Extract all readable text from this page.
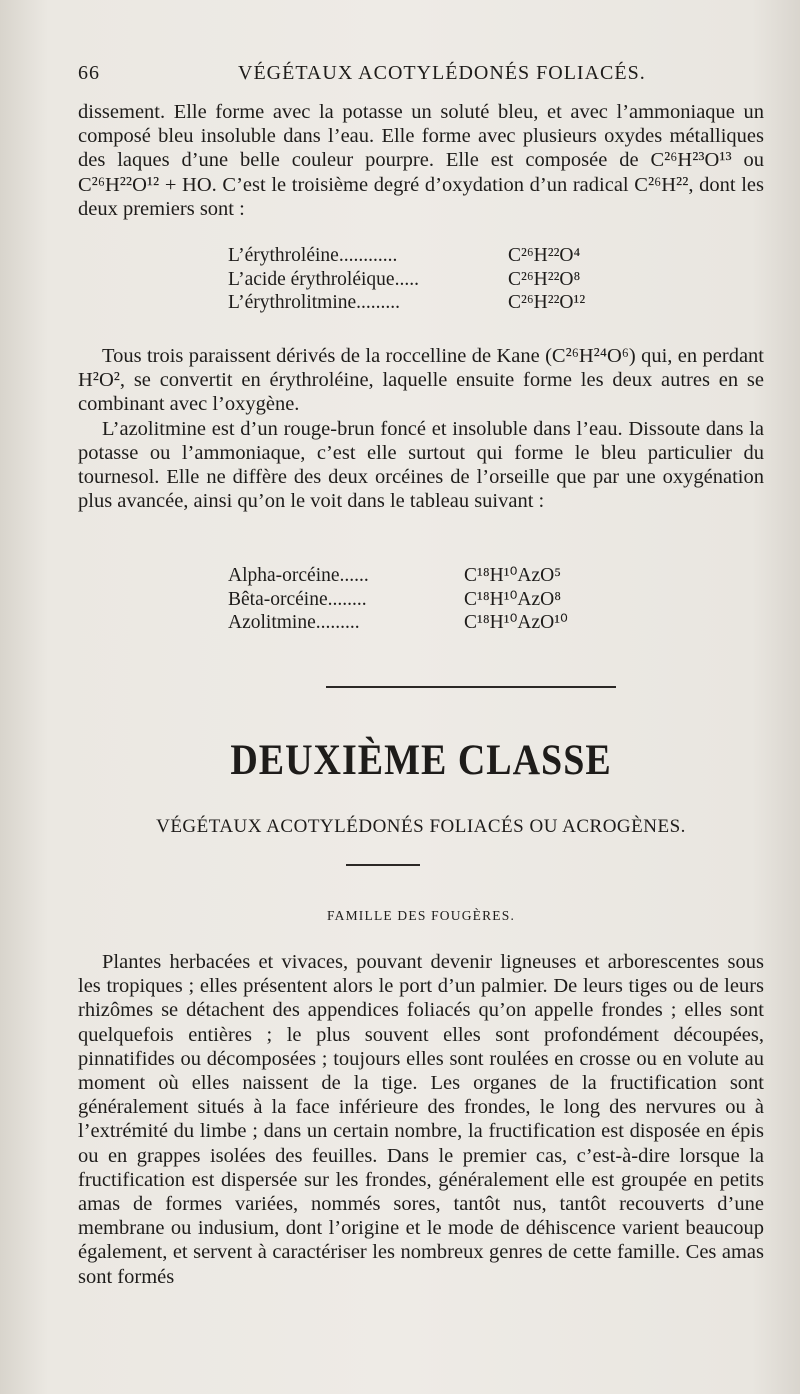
66	VÉGÉTAUX ACOTYLÉDONÉS FOLIACÉS.

dissement. Elle forme avec la potasse un soluté bleu, et avec l’ammoniaque un composé bleu insoluble dans l’eau. Elle forme avec plusieurs oxydes métalliques des laques d’une belle couleur pourpre. Elle est composée de C²⁶H²³O¹³ ou C²⁶H²²O¹² + HO. C’est le troisième degré d’oxydation d’un radical C²⁶H²², dont les deux premiers sont :

L’érythroléine............	C²⁶H²²O⁴
L’acide érythroléique.....	C²⁶H²²O⁸
L’érythrolitmine.........	C²⁶H²²O¹²

Tous trois paraissent dérivés de la roccelline de Kane (C²⁶H²⁴O⁶) qui, en perdant H²O², se convertit en érythroléine, laquelle ensuite forme les deux autres en se combinant avec l’oxygène.

L’azolitmine est d’un rouge-brun foncé et insoluble dans l’eau. Dissoute dans la potasse ou l’ammoniaque, c’est elle surtout qui forme le bleu particulier du tournesol. Elle ne diffère des deux orcéines de l’orseille que par une oxygénation plus avancée, ainsi qu’on le voit dans le tableau suivant :

Alpha-orcéine......	C¹⁸H¹⁰AzO⁵
Bêta-orcéine........	C¹⁸H¹⁰AzO⁸
Azolitmine.........	C¹⁸H¹⁰AzO¹⁰
DEUXIÈME CLASSE
VÉGÉTAUX ACOTYLÉDONÉS FOLIACÉS OU ACROGÈNES.
FAMILLE DES FOUGÈRES.

Plantes herbacées et vivaces, pouvant devenir ligneuses et arborescentes sous les tropiques ; elles présentent alors le port d’un palmier. De leurs tiges ou de leurs rhizômes se détachent des appendices foliacés qu’on appelle frondes ; elles sont quelquefois entières ; le plus souvent elles sont profondément découpées, pinnatifides ou décomposées ; toujours elles sont roulées en crosse ou en volute au moment où elles naissent de la tige. Les organes de la fructification sont généralement situés à la face inférieure des frondes, le long des nervures ou à l’extrémité du limbe ; dans un certain nombre, la fructification est disposée en épis ou en grappes isolées des feuilles. Dans le premier cas, c’est-à-dire lorsque la fructification est dispersée sur les frondes, généralement elle est groupée en petits amas de formes variées, nommés sores, tantôt nus, tantôt recouverts d’une membrane ou indusium, dont l’origine et le mode de déhiscence varient beaucoup également, et servent à caractériser les nombreux genres de cette famille. Ces amas sont formés
